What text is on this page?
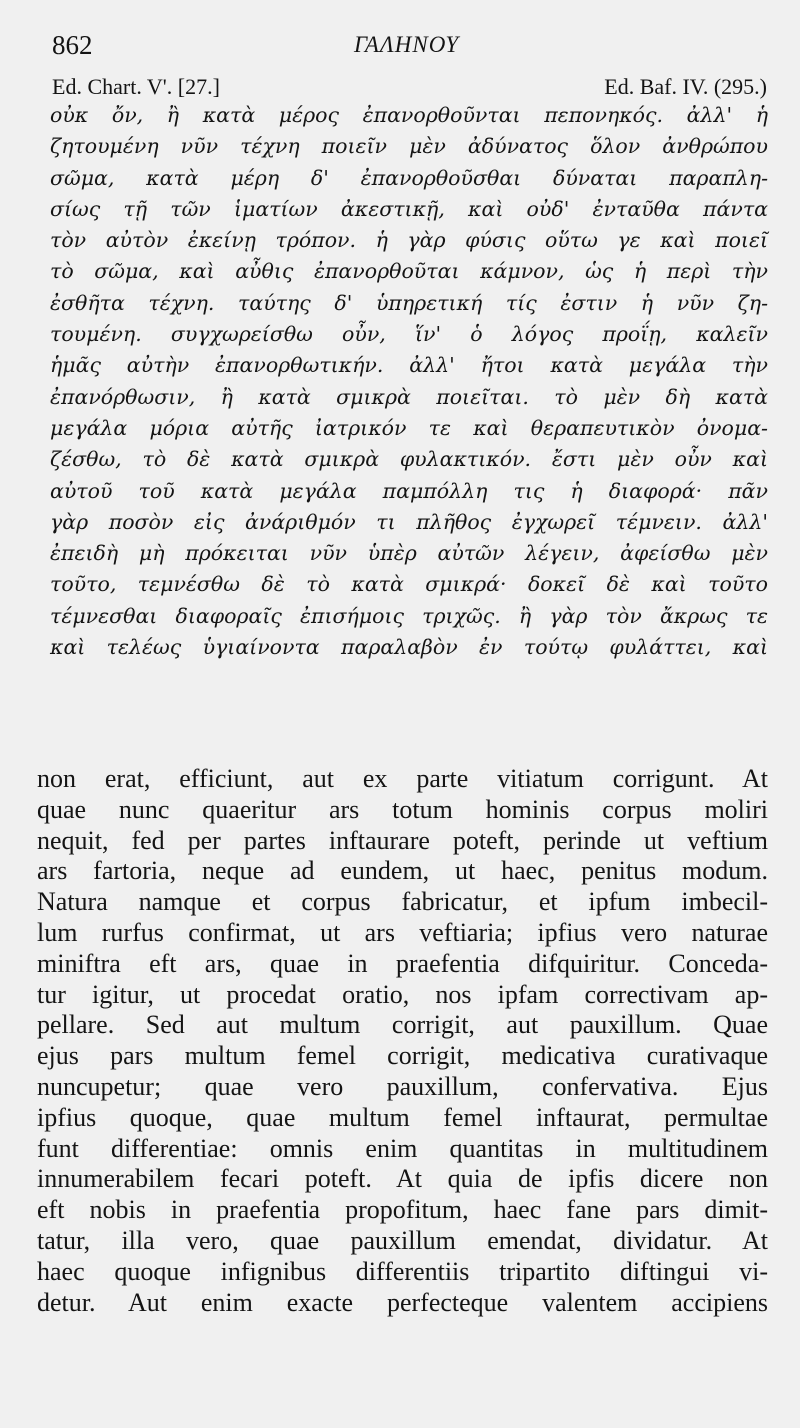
862	ΓΑΛΗΝΟΥ
Ed. Chart. V'. [27.]	Ed. Baf. IV. (295.)
οὐκ ὄν, ἢ κατὰ μέρος ἐπανορθοῦνται πεπονηκός. ἀλλ' ἡ
ζητουμένη νῦν τέχνη ποιεῖν μὲν ἀδύνατος ὅλον ἀνθρώπου
σῶμα, κατὰ μέρη δ' ἐπανορθοῦσθαι δύναται παραπλη-
σίως τῇ τῶν ἱματίων ἀκεστικῇ, καὶ οὐδ' ἐνταῦθα πάντα
τὸν αὐτὸν ἐκείνῃ τρόπον. ἡ γὰρ φύσις οὕτω γε καὶ ποιεῖ
τὸ σῶμα, καὶ αὖθις ἐπανορθοῦται κάμνον, ὡς ἡ περὶ τὴν
ἐσθῆτα τέχνη. ταύτης δ' ὑπηρετική τίς ἐστιν ἡ νῦν ζη-
τουμένη. συγχωρείσθω οὖν, ἵν' ὁ λόγος προΐῃ, καλεῖν
ἡμᾶς αὐτὴν ἐπανορθωτικήν. ἀλλ' ἤτοι κατὰ μεγάλα τὴν
ἐπανόρθωσιν, ἢ κατὰ σμικρὰ ποιεῖται. τὸ μὲν δὴ κατὰ
μεγάλα μόρια αὐτῆς ἰατρικόν τε καὶ θεραπευτικὸν ὀνομα-
ζέσθω, τὸ δὲ κατὰ σμικρὰ φυλακτικόν. ἔστι μὲν οὖν καὶ
αὐτοῦ τοῦ κατὰ μεγάλα παμπόλλη τις ἡ διαφορά· πᾶν
γὰρ ποσὸν εἰς ἀνάριθμόν τι πλῆθος ἐγχωρεῖ τέμνειν. ἀλλ'
ἐπειδὴ μὴ πρόκειται νῦν ὑπὲρ αὐτῶν λέγειν, ἀφείσθω μὲν
τοῦτο, τεμνέσθω δὲ τὸ κατὰ σμικρά· δοκεῖ δὲ καὶ τοῦτο
τέμνεσθαι διαφοραῖς ἐπισήμοις τριχῶς. ἢ γὰρ τὸν ἄκρως τε
καὶ τελέως ὑγιαίνοντα παραλαβὸν ἐν τούτῳ φυλάττει, καὶ
non erat, efficiunt, aut ex parte vitiatum corrigunt. At
quae nunc quaeritur ars totum hominis corpus moliri
nequit, fed per partes inftaurare poteft, perinde ut veftium
ars fartoria, neque ad eundem, ut haec, penitus modum.
Natura namque et corpus fabricatur, et ipfum imbecil-
lum rurfus confirmat, ut ars veftiaria; ipfius vero naturae
miniftra eft ars, quae in praefentia difquiritur. Conceda-
tur igitur, ut procedat oratio, nos ipfam correctivam ap-
pellare. Sed aut multum corrigit, aut pauxillum. Quae
ejus pars multum femel corrigit, medicativa curativaque
nuncupetur; quae vero pauxillum, confervativa. Ejus
ipfius quoque, quae multum femel inftaurat, permultae
funt differentiae: omnis enim quantitas in multitudinem
innumerabilem fecari poteft. At quia de ipfis dicere non
eft nobis in praefentia propofitum, haec fane pars dimit-
tatur, illa vero, quae pauxillum emendat, dividatur. At
haec quoque infignibus differentiis tripartito diftingui vi-
detur. Aut enim exacte perfecteque valentem accipiens
